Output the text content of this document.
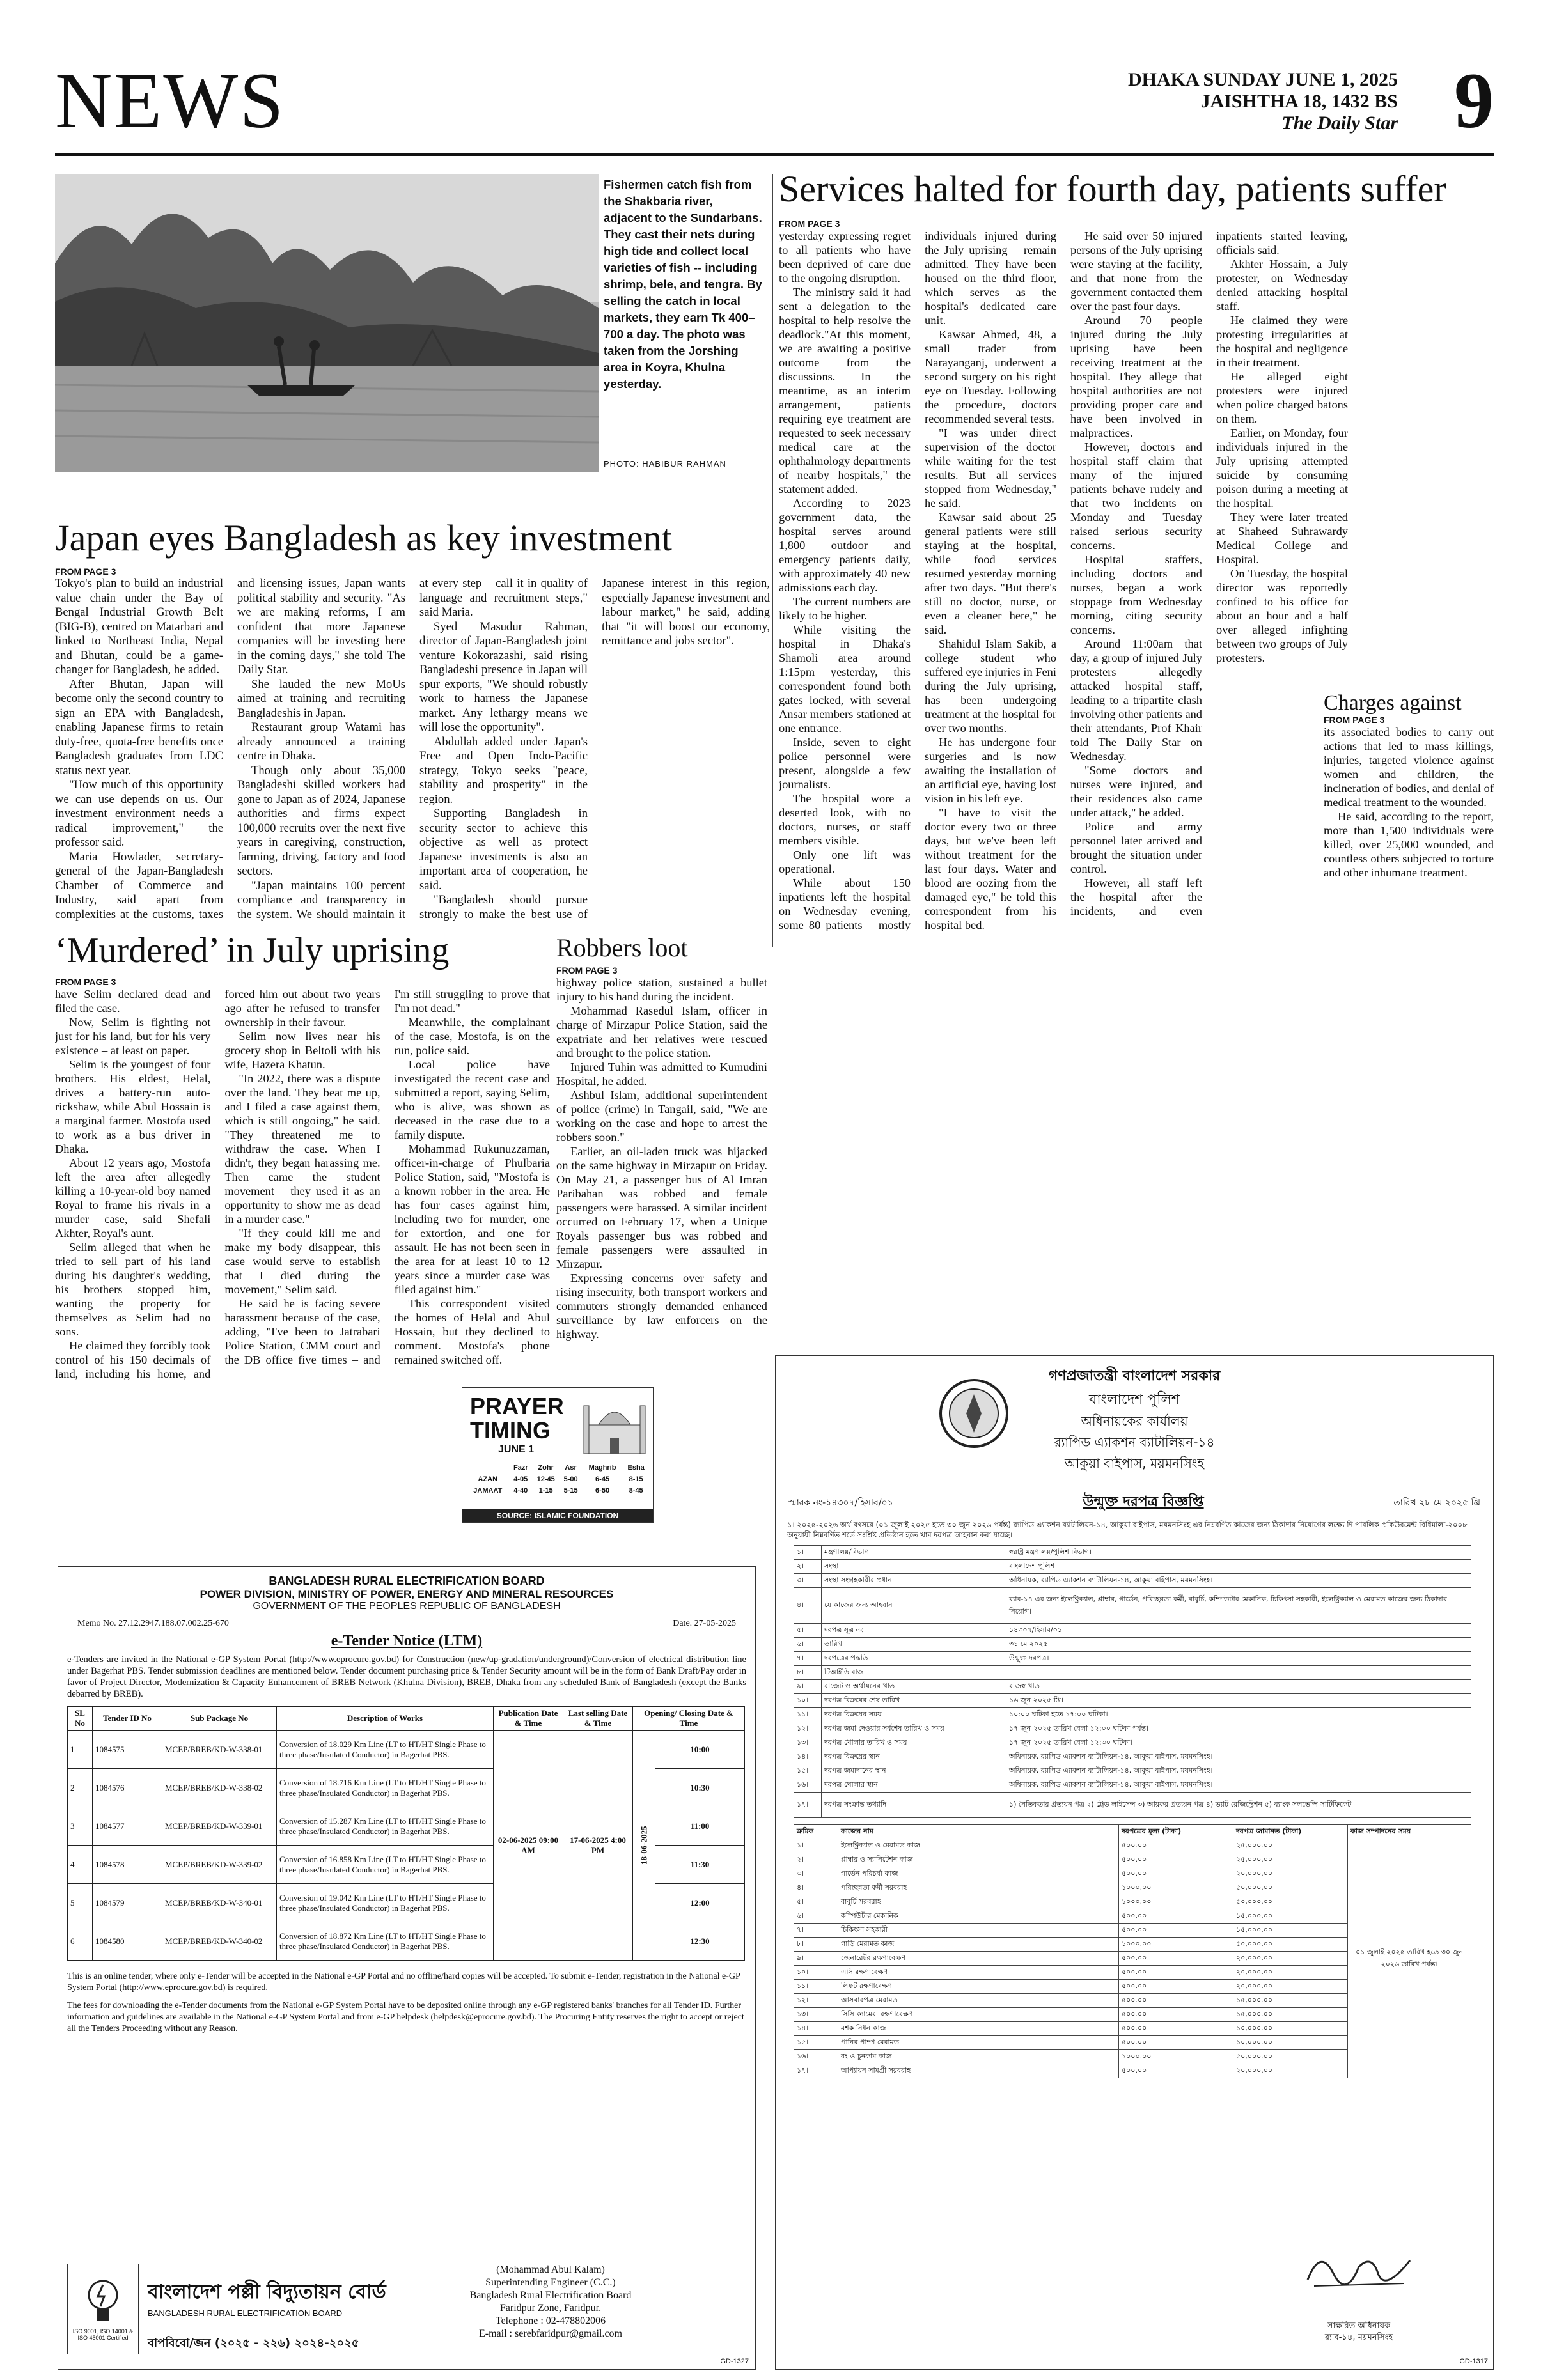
NEWS	DHAKA SUNDAY JUNE 1, 2025
JAISHTHA 18, 1432 BS
The Daily Star 9
Fishermen catch fish from the Shakbaria river, adjacent to the Sundarbans. They cast their nets during high tide and collect local varieties of fish -- including shrimp, bele, and tengra. By selling the catch in local markets, they earn Tk 400–700 a day. The photo was taken from the Jorshing area in Koyra, Khulna yesterday.
PHOTO: HABIBUR RAHMAN
Services halted for fourth day, patients suffer
FROM PAGE 3

yesterday expressing regret to all patients who have been deprived of care due to the ongoing disruption.

The ministry said it had sent a delegation to the hospital to help resolve the deadlock."At this moment, we are awaiting a positive outcome from the discussions. In the meantime, as an interim arrangement, patients requiring eye treatment are requested to seek necessary medical care at the ophthalmology departments of nearby hospitals," the statement added.

According to 2023 government data, the hospital serves around 1,800 outdoor and emergency patients daily, with approximately 40 new admissions each day.

The current numbers are likely to be higher.

While visiting the hospital in Dhaka's Shamoli area around 1:15pm yesterday, this correspondent found both gates locked, with several Ansar members stationed at one entrance.

Inside, seven to eight police personnel were present, alongside a few journalists.

The hospital wore a deserted look, with no doctors, nurses, or staff members visible.

Only one lift was operational.

While about 150 inpatients left the hospital on Wednesday evening, some 80 patients – mostly individuals injured during the July uprising – remain admitted. They have been housed on the third floor, which serves as the hospital's dedicated care unit.

Kawsar Ahmed, 48, a small trader from Narayanganj, underwent a second surgery on his right eye on Tuesday. Following the procedure, doctors recommended several tests.

"I was under direct supervision of the doctor while waiting for the test results. But all services stopped from Wednesday," he said.

Kawsar said about 25 general patients were still staying at the hospital, while food services resumed yesterday morning after two days. "But there's still no doctor, nurse, or even a cleaner here," he said.

Shahidul Islam Sakib, a college student who suffered eye injuries in Feni during the July uprising, has been undergoing treatment at the hospital for over two months.

He has undergone four surgeries and is now awaiting the installation of an artificial eye, having lost vision in his left eye.

"I have to visit the doctor every two or three days, but we've been left without treatment for the last four days. Water and blood are oozing from the damaged eye," he told this correspondent from his hospital bed.

He said over 50 injured persons of the July uprising were staying at the facility, and that none from the government contacted them over the past four days.

Around 70 people injured during the July uprising have been receiving treatment at the hospital. They allege that hospital authorities are not providing proper care and have been involved in malpractices.

However, doctors and hospital staff claim that many of the injured patients behave rudely and that two incidents on Monday and Tuesday raised serious security concerns.

Hospital staffers, including doctors and nurses, began a work stoppage from Wednesday morning, citing security concerns.

Around 11:00am that day, a group of injured July protesters allegedly attacked hospital staff, leading to a tripartite clash involving other patients and their attendants, Prof Khair told The Daily Star on Wednesday.

"Some doctors and nurses were injured, and their residences also came under attack," he added.

Police and army personnel later arrived and brought the situation under control.

However, all staff left the hospital after the incidents, and even inpatients started leaving, officials said.

Akhter Hossain, a July protester, on Wednesday denied attacking hospital staff.

He claimed they were protesting irregularities at the hospital and negligence in their treatment.

He alleged eight protesters were injured when police charged batons on them.

Earlier, on Monday, four individuals injured in the July uprising attempted suicide by consuming poison during a meeting at the hospital.

They were later treated at Shaheed Suhrawardy Medical College and Hospital.

On Tuesday, the hospital director was reportedly confined to his office for about an hour and a half over alleged infighting between two groups of July protesters.

Charges against
FROM PAGE 3

its associated bodies to carry out actions that led to mass killings, injuries, targeted violence against women and children, the incineration of bodies, and denial of medical treatment to the wounded.

He said, according to the report, more than 1,500 individuals were killed, over 25,000 wounded, and countless others subjected to torture and other inhumane treatment.

Japan eyes Bangladesh as key investment
FROM PAGE 3

Tokyo's plan to build an industrial value chain under the Bay of Bengal Industrial Growth Belt (BIG-B), centred on Matarbari and linked to Northeast India, Nepal and Bhutan, could be a game-changer for Bangladesh, he added.

After Bhutan, Japan will become only the second country to sign an EPA with Bangladesh, enabling Japanese firms to retain duty-free, quota-free benefits once Bangladesh graduates from LDC status next year.

"How much of this opportunity we can use depends on us. Our investment environment needs a radical improvement," the professor said.

Maria Howlader, secretary-general of the Japan-Bangladesh Chamber of Commerce and Industry, said apart from complexities at the customs, taxes and licensing issues, Japan wants political stability and security. "As we are making reforms, I am confident that more Japanese companies will be investing here in the coming days," she told The Daily Star.

She lauded the new MoUs aimed at training and recruiting Bangladeshis in Japan.

Restaurant group Watami has already announced a training centre in Dhaka.

Though only about 35,000 Bangladeshi skilled workers had gone to Japan as of 2024, Japanese authorities and firms expect 100,000 recruits over the next five years in caregiving, construction, farming, driving, factory and food sectors.

"Japan maintains 100 percent compliance and transparency in the system. We should maintain it at every step – call it in quality of language and recruitment steps," said Maria.

Syed Masudur Rahman, director of Japan-Bangladesh joint venture Kokorazashi, said rising Bangladeshi presence in Japan will spur exports, "We should robustly work to harness the Japanese market. Any lethargy means we will lose the opportunity".

Abdullah added under Japan's Free and Open Indo-Pacific strategy, Tokyo seeks "peace, stability and prosperity" in the region.

Supporting Bangladesh in security sector to achieve this objective as well as protect Japanese investments is also an important area of cooperation, he said.

"Bangladesh should pursue strongly to make the best use of Japanese interest in this region, especially Japanese investment and labour market," he said, adding that "it will boost our economy, remittance and jobs sector".

‘Murdered’ in July uprising
FROM PAGE 3

have Selim declared dead and filed the case.

Now, Selim is fighting not just for his land, but for his very existence – at least on paper.

Selim is the youngest of four brothers. His eldest, Helal, drives a battery-run auto-rickshaw, while Abul Hossain is a marginal farmer. Mostofa used to work as a bus driver in Dhaka.

About 12 years ago, Mostofa left the area after allegedly killing a 10-year-old boy named Royal to frame his rivals in a murder case, said Shefali Akhter, Royal's aunt.

Selim alleged that when he tried to sell part of his land during his daughter's wedding, his brothers stopped him, wanting the property for themselves as Selim had no sons.

He claimed they forcibly took control of his 150 decimals of land, including his home, and forced him out about two years ago after he refused to transfer ownership in their favour.

Selim now lives near his grocery shop in Beltoli with his wife, Hazera Khatun.

"In 2022, there was a dispute over the land. They beat me up, and I filed a case against them, which is still ongoing," he said. "They threatened me to withdraw the case. When I didn't, they began harassing me. Then came the student movement – they used it as an opportunity to show me as dead in a murder case."

"If they could kill me and make my body disappear, this case would serve to establish that I died during the movement," Selim said.

He said he is facing severe harassment because of the case, adding, "I've been to Jatrabari Police Station, CMM court and the DB office five times – and I'm still struggling to prove that I'm not dead."

Meanwhile, the complainant of the case, Mostofa, is on the run, police said.

Local police have investigated the recent case and submitted a report, saying Selim, who is alive, was shown as deceased in the case due to a family dispute.

Mohammad Rukunuzzaman, officer-in-charge of Phulbaria Police Station, said, "Mostofa is a known robber in the area. He has four cases against him, including two for murder, one for extortion, and one for assault. He has not been seen in the area for at least 10 to 12 years since a murder case was filed against him."

This correspondent visited the homes of Helal and Abul Hossain, but they declined to comment. Mostofa's phone remained switched off.

Robbers loot
FROM PAGE 3

highway police station, sustained a bullet injury to his hand during the incident.

Mohammad Rasedul Islam, officer in charge of Mirzapur Police Station, said the expatriate and her relatives were rescued and brought to the police station.

Injured Tuhin was admitted to Kumudini Hospital, he added.

Ashbul Islam, additional superintendent of police (crime) in Tangail, said, "We are working on the case and hope to arrest the robbers soon."

Earlier, an oil-laden truck was hijacked on the same highway in Mirzapur on Friday. On May 21, a passenger bus of Al Imran Paribahan was robbed and female passengers were harassed. A similar incident occurred on February 17, when a Unique Royals passenger bus was robbed and female passengers were assaulted in Mirzapur.

Expressing concerns over safety and rising insecurity, both transport workers and commuters strongly demanded enhanced surveillance by law enforcers on the highway.

PRAYER
TIMING
JUNE 1
	Fazr	Zohr	Asr	Maghrib	Esha
AZAN	4-05	12-45	5-00	6-45	8-15
JAMAAT	4-40	1-15	5-15	6-50	8-45
SOURCE: ISLAMIC FOUNDATION
BANGLADESH RURAL ELECTRIFICATION BOARD
POWER DIVISION, MINISTRY OF POWER, ENERGY AND MINERAL RESOURCES
GOVERNMENT OF THE PEOPLES REPUBLIC OF BANGLADESH
Memo No. 27.12.2947.188.07.002.25-670	Date. 27-05-2025
e-Tender Notice (LTM)

e-Tenders are invited in the National e-GP System Portal (http://www.eprocure.gov.bd) for Construction (new/up-gradation/underground)/Conversion of electrical distribution line under Bagerhat PBS. Tender submission deadlines are mentioned below. Tender document purchasing price & Tender Security amount will be in the form of Bank Draft/Pay order in favor of Project Director, Modernization & Capacity Enhancement of BREB Network (Khulna Division), BREB, Dhaka from any scheduled Bank of Bangladesh (except the Banks debarred by BREB).

SL No	Tender ID No	Sub Package No	Description of Works	Publication Date & Time	Last selling Date & Time	Opening/ Closing Date & Time	
1	1084575	MCEP/BREB/KD-W-338-01	Conversion of 18.029 Km Line (LT to HT/HT Single Phase to three phase/Insulated Conductor) in Bagerhat PBS.	02-06-2025 09:00 AM	17-06-2025 4:00 PM	18-06-2025	10:00
2	1084576	MCEP/BREB/KD-W-338-02	Conversion of 18.716 Km Line (LT to HT/HT Single Phase to three phase/Insulated Conductor) in Bagerhat PBS.				10:30
3	1084577	MCEP/BREB/KD-W-339-01	Conversion of 15.287 Km Line (LT to HT/HT Single Phase to three phase/Insulated Conductor) in Bagerhat PBS.				11:00
4	1084578	MCEP/BREB/KD-W-339-02	Conversion of 16.858 Km Line (LT to HT/HT Single Phase to three phase/Insulated Conductor) in Bagerhat PBS.				11:30
5	1084579	MCEP/BREB/KD-W-340-01	Conversion of 19.042 Km Line (LT to HT/HT Single Phase to three phase/Insulated Conductor) in Bagerhat PBS.				12:00
6	1084580	MCEP/BREB/KD-W-340-02	Conversion of 18.872 Km Line (LT to HT/HT Single Phase to three phase/Insulated Conductor) in Bagerhat PBS.				12:30

This is an online tender, where only e-Tender will be accepted in the National e-GP Portal and no offline/hard copies will be accepted. To submit e-Tender, registration in the National e-GP System Portal (http://www.eprocure.gov.bd) is required.

The fees for downloading the e-Tender documents from the National e-GP System Portal have to be deposited online through any e-GP registered banks' branches for all Tender ID. Further information and guidelines are available in the National e-GP System Portal and from e-GP helpdesk (helpdesk@eprocure.gov.bd). The Procuring Entity reserves the right to accept or reject all the Tenders Proceeding without any Reason.

ISO 9001, ISO 14001 & ISO 45001 Certified
বাংলাদেশ পল্লী বিদ্যুতায়ন বোর্ড
BANGLADESH RURAL ELECTRIFICATION BOARD
বাপবিবো/জন (২০২৫ - ২২৬) ২০২৪-২০২৫
(Mohammad Abul Kalam)
Superintending Engineer (C.C.)
Bangladesh Rural Electrification Board
Faridpur Zone, Faridpur.
Telephone : 02-478802006
E-mail : serebfaridpur@gmail.com
GD-1327
গণপ্রজাতন্ত্রী বাংলাদেশ সরকার
বাংলাদেশ পুলিশ
অধিনায়কের কার্যালয়
র‍্যাপিড এ্যাকশন ব্যাটালিয়ন-১৪
আকুয়া বাইপাস, ময়মনসিংহ
স্মারক নং-১৪৩০৭/হিসাব/০১	উন্মুক্ত দরপত্র বিজ্ঞপ্তি	তারিখ ২৮ মে ২০২৫ খ্রি

১। ২০২৫-২০২৬ অর্থ বৎসরে (০১ জুলাই ২০২৫ হতে ৩০ জুন ২০২৬ পর্যন্ত) র‍্যাপিড এ্যাকশন ব্যাটালিয়ন-১৪, আকুয়া বাইপাস, ময়মনসিংহ এর নিম্নবর্ণিত কাজের জন্য ঠিকাদার নিয়োগের লক্ষ্যে দি পাবলিক প্রকিউরমেন্ট বিধিমালা-২০০৮ অনুযায়ী নিম্নবর্ণিত শর্তে সংশ্লিষ্ট প্রতিষ্ঠান হতে খাম দরপত্র আহবান করা যাচ্ছে।

১।	মন্ত্রণালয়/বিভাগ	স্বরাষ্ট্র মন্ত্রণালয়/পুলিশ বিভাগ।
২।	সংস্থা	বাংলাদেশ পুলিশ
৩।	সংস্থা সংগ্রহকারীর প্রধান	অধিনায়ক, র‍্যাপিড এ্যাকশন ব্যাটালিয়ন-১৪, আকুয়া বাইপাস, ময়মনসিংহ।
৪।	যে কাজের জন্য আহবান	র‍্যাব-১৪ এর জন্য ইলেক্ট্রিক্যাল, প্লাম্বার, গার্ডেন, পরিচ্ছন্নতা কর্মী, বাবুর্চি, কম্পিউটার মেকানিক, চিকিৎসা সহকারী, ইলেক্ট্রিক্যাল ও মেরামত কাজের জন্য ঠিকাদার নিয়োগ।
৫।	দরপত্র সূত্র নং	১৪৩০৭/হিসাব/০১
৬।	তারিখ	৩১ মে ২০২৫
৭।	দরপত্রের পদ্ধতি	উন্মুক্ত দরপত্র।
৮।	টিআইডি বাজ	
৯।	বাজেট ও অর্থায়নের খাত	রাজস্ব খাত
১০।	দরপত্র বিক্রয়ের শেষ তারিখ	১৬ জুন ২০২৫ খ্রি।
১১।	দরপত্র বিক্রয়ের সময়	১০:০০ ঘটিকা হতে ১৭:০০ ঘটিকা।
১২।	দরপত্র জমা দেওয়ার সর্বশেষ তারিখ ও সময়	১৭ জুন ২০২৫ তারিখ বেলা ১২:০০ ঘটিকা পর্যন্ত।
১৩।	দরপত্র খোলার তারিখ ও সময়	১৭ জুন ২০২৫ তারিখ বেলা ১২:৩০ ঘটিকা।
১৪।	দরপত্র বিক্রয়ের স্থান	অধিনায়ক, র‍্যাপিড এ্যাকশন ব্যাটালিয়ন-১৪, আকুয়া বাইপাস, ময়মনসিংহ।
১৫।	দরপত্র জমাদানের স্থান	অধিনায়ক, র‍্যাপিড এ্যাকশন ব্যাটালিয়ন-১৪, আকুয়া বাইপাস, ময়মনসিংহ।
১৬।	দরপত্র খোলার স্থান	অধিনায়ক, র‍্যাপিড এ্যাকশন ব্যাটালিয়ন-১৪, আকুয়া বাইপাস, ময়মনসিংহ।
১৭।	দরপত্র সংক্রান্ত তথ্যাদি	১) নৈতিকতার প্রত্যয়ন পত্র ২) ট্রেড লাইসেন্স ৩) আয়কর প্রত্যয়ন পত্র ৪) ভ্যাট রেজিস্ট্রেশন ৫) ব্যাংক সলভেন্সি সার্টিফিকেট
ক্রমিক	কাজের নাম	দরপত্রের মূল্য (টাকা)	দরপত্র জামানত (টাকা)	কাজ সম্পাদনের সময়
১।	ইলেক্ট্রিক্যাল ও মেরামত কাজ	৫০০.০০	২৫,০০০.০০	০১ জুলাই ২০২৫ তারিখ হতে ৩০ জুন ২০২৬ তারিখ পর্যন্ত।
২।	প্লাম্বার ও স্যানিটেশন কাজ	৫০০.০০	২৫,০০০.০০	
৩।	গার্ডেন পরিচর্যা কাজ	৫০০.০০	২০,০০০.০০	
৪।	পরিচ্ছন্নতা কর্মী সরবরাহ	১০০০.০০	৫০,০০০.০০	
৫।	বাবুর্চি সরবরাহ	১০০০.০০	৫০,০০০.০০	
৬।	কম্পিউটার মেকানিক	৫০০.০০	১৫,০০০.০০	
৭।	চিকিৎসা সহকারী	৫০০.০০	১৫,০০০.০০	
৮।	গাড়ি মেরামত কাজ	১০০০.০০	৫০,০০০.০০	
৯।	জেনারেটর রক্ষণাবেক্ষণ	৫০০.০০	২০,০০০.০০	
১০।	এসি রক্ষণাবেক্ষণ	৫০০.০০	২০,০০০.০০	
১১।	লিফট রক্ষণাবেক্ষণ	৫০০.০০	২০,০০০.০০	
১২।	আসবাবপত্র মেরামত	৫০০.০০	১৫,০০০.০০	
১৩।	সিসি ক্যামেরা রক্ষণাবেক্ষণ	৫০০.০০	১৫,০০০.০০	
১৪।	মশক নিধন কাজ	৫০০.০০	১০,০০০.০০	
১৫।	পানির পাম্প মেরামত	৫০০.০০	১০,০০০.০০	
১৬।	রং ও চুনকাম কাজ	১০০০.০০	৫০,০০০.০০	
১৭।	আপ্যায়ন সামগ্রী সরবরাহ	৫০০.০০	২০,০০০.০০	
সাক্ষরিত অধিনায়ক
র‍্যাব-১৪, ময়মনসিংহ
GD-1317
